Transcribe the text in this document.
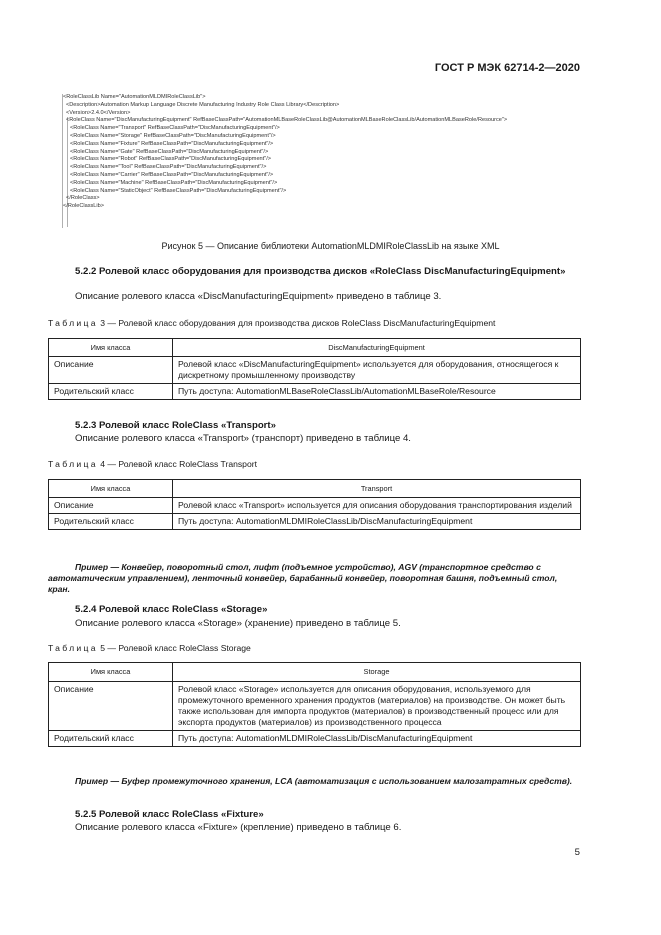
ГОСТ Р МЭК 62714-2—2020
<RoleClassLib Name="AutomationMLDMIRoleClassLib">
<Description>Automation Markup Language Discrete Manufacturing Industry Role Class Library</Description>
<Version>2.4.0</Version>
<RoleClass Name="DiscManufacturingEquipment" RefBaseClassPath="AutomationMLBaseRoleClassLib@AutomationMLBaseRoleClassLib/AutomationMLBaseRole/Resource">
<RoleClass Name="Transport" RefBaseClassPath="DiscManufacturingEquipment"/>
<RoleClass Name="Storage" RefBaseClassPath="DiscManufacturingEquipment"/>
<RoleClass Name="Fixture" RefBaseClassPath="DiscManufacturingEquipment"/>
<RoleClass Name="Gate" RefBaseClassPath="DiscManufacturingEquipment"/>
<RoleClass Name="Robot" RefBaseClassPath="DiscManufacturingEquipment"/>
<RoleClass Name="Tool" RefBaseClassPath="DiscManufacturingEquipment"/>
<RoleClass Name="Carrier" RefBaseClassPath="DiscManufacturingEquipment"/>
<RoleClass Name="Machine" RefBaseClassPath="DiscManufacturingEquipment"/>
<RoleClass Name="StaticObject" RefBaseClassPath="DiscManufacturingEquipment"/>
</RoleClass>
</RoleClassLib>
Рисунок 5 — Описание библиотеки AutomationMLDMIRoleClassLib на языке XML
5.2.2 Ролевой класс оборудования для производства дисков «RoleClass DiscManufacturingEquipment»
Описание ролевого класса «DiscManufacturingEquipment» приведено в таблице 3.
Таблица 3 — Ролевой класс оборудования для производства дисков RoleClass DiscManufacturingEquipment
Имя класса	DiscManufacturingEquipment
Описание	Ролевой класс «DiscManufacturingEquipment» используется для оборудования, относящегося к дискретному промышленному производству
Родительский класс	Путь доступа: AutomationMLBaseRoleClassLib/AutomationMLBaseRole/Resource
5.2.3 Ролевой класс RoleClass «Transport»
Описание ролевого класса «Transport» (транспорт) приведено в таблице 4.
Таблица 4 — Ролевой класс RoleClass Transport
Имя класса	Transport
Описание	Ролевой класс «Transport» используется для описания оборудования транспортирования изделий
Родительский класс	Путь доступа: AutomationMLDMIRoleClassLib/DiscManufacturingEquipment
Пример — Конвейер, поворотный стол, лифт (подъемное устройство), AGV (транспортное средство с автоматическим управлением), ленточный конвейер, барабанный конвейер, поворотная башня, подъемный стол, кран.
5.2.4 Ролевой класс RoleClass «Storage»
Описание ролевого класса «Storage» (хранение) приведено в таблице 5.
Таблица 5 — Ролевой класс RoleClass Storage
Имя класса	Storage
Описание	Ролевой класс «Storage» используется для описания оборудования, используемого для промежуточного временного хранения продуктов (материалов) на производстве. Он может быть также использован для импорта продуктов (материалов) в производственный процесс или для экспорта продуктов (материалов) из производственного процесса
Родительский класс	Путь доступа: AutomationMLDMIRoleClassLib/DiscManufacturingEquipment
Пример — Буфер промежуточного хранения, LCA (автоматизация с использованием малозатратных средств).
5.2.5 Ролевой класс RoleClass «Fixture»
Описание ролевого класса «Fixture» (крепление) приведено в таблице 6.
5
